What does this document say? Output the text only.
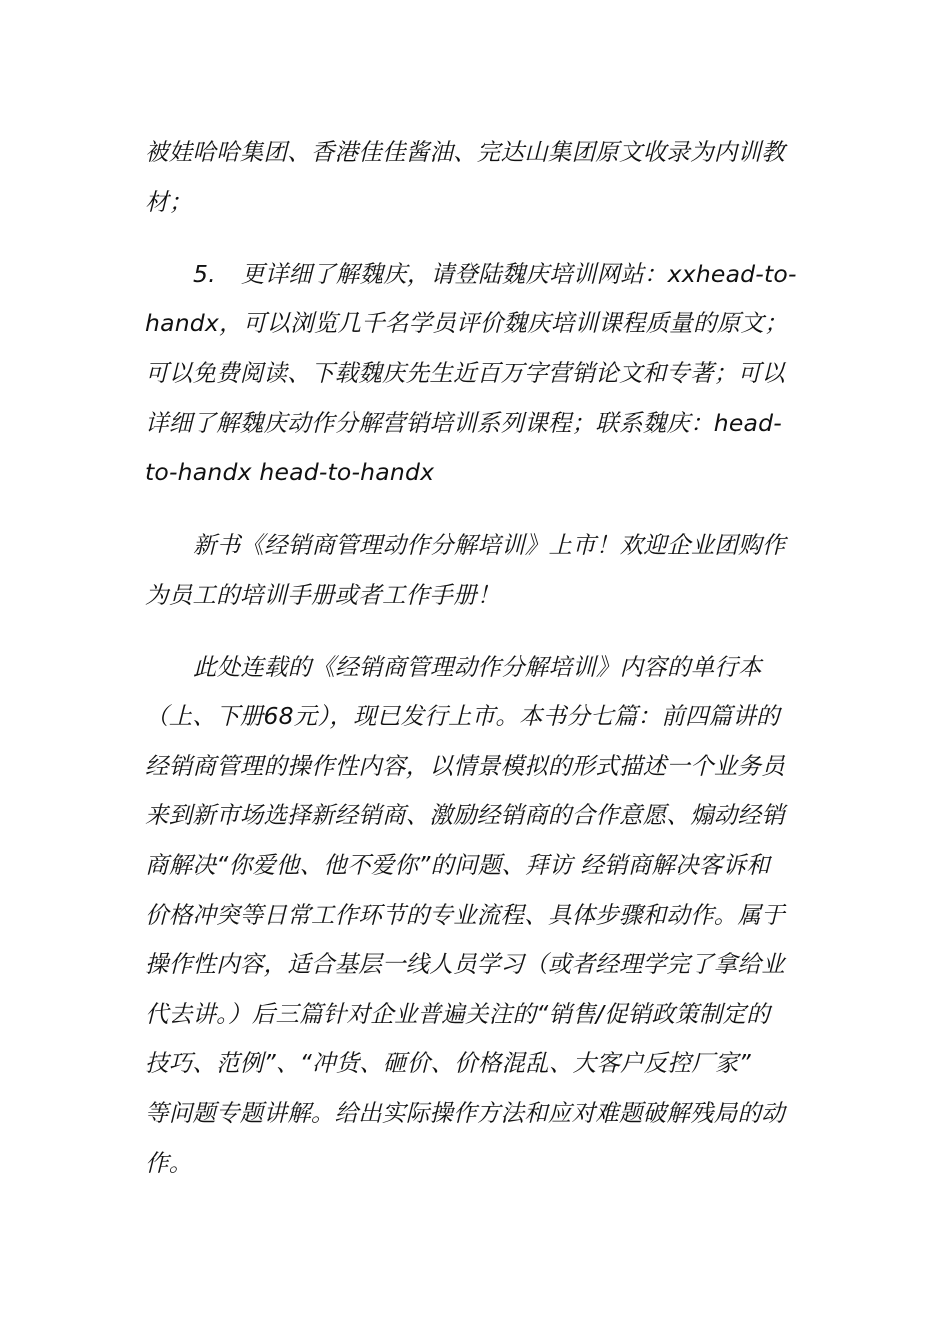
被娃哈哈集团、香港佳佳酱油、完达山集团原文收录为内训教
材；
5. 更详细了解魏庆，请登陆魏庆培训网站：xxhead-to-
handx，可以浏览几千名学员评价魏庆培训课程质量的原文；
可以免费阅读、下载魏庆先生近百万字营销论文和专著；可以
详细了解魏庆动作分解营销培训系列课程；联系魏庆：head-
to-handx head-to-handx
新书《经销商管理动作分解培训》上市！欢迎企业团购作
为员工的培训手册或者工作手册！
此处连载的《经销商管理动作分解培训》内容的单行本
（上、下册68元），现已发行上市。本书分七篇：前四篇讲的
经销商管理的操作性内容，以情景模拟的形式描述一个业务员
来到新市场选择新经销商、激励经销商的合作意愿、煽动经销
商解决“你爱他、他不爱你”的问题、拜访 经销商解决客诉和
价格冲突等日常工作环节的专业流程、具体步骤和动作。属于
操作性内容，适合基层一线人员学习（或者经理学完了拿给业
代去讲。）后三篇针对企业普遍关注的“销售/促销政策制定的
技巧、范例”、“冲货、砸价、价格混乱、大客户反控厂家”
等问题专题讲解。给出实际操作方法和应对难题破解残局的动
作。
